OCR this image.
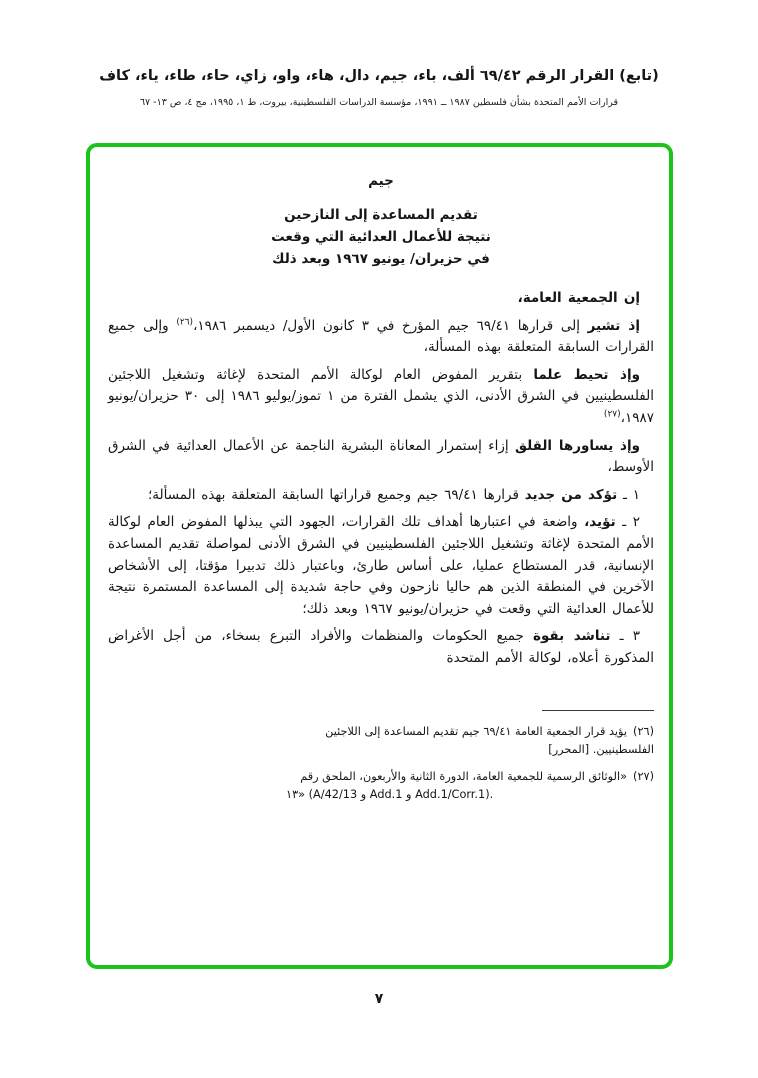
(تابع) القرار الرقم ٦٩/٤٢ ألف، باء، جيم، دال، هاء، واو، زاي، حاء، طاء، ياء، كاف
قرارات الأمم المتحدة بشأن فلسطين ١٩٨٧ ــ ١٩٩١، مؤسسة الدراسات الفلسطينية، بيروت، ط ١، ١٩٩٥، مج ٤، ص ١٣- ٦٧
جيم
تقديم المساعدة إلى النازحين
نتيجة للأعمال العدائية التي وقعت
في حزيران/ يونيو ١٩٦٧ وبعد ذلك

إن الجمعية العامة،

إذ تشير إلى قرارها ٦٩/٤١ جيم المؤرخ في ٣ كانون الأول/ ديسمبر ١٩٨٦،$^{(٢٦)}$ وإلى جميع القرارات السابقة المتعلقة بهذه المسألة،

وإذ تحيط علما بتقرير المفوض العام لوكالة الأمم المتحدة لإغاثة وتشغيل اللاجئين الفلسطينيين في الشرق الأدنى، الذي يشمل الفترة من ١ تموز/يوليو ١٩٨٦ إلى ٣٠ حزيران/يونيو ١٩٨٧،$^{(٢٧)}$

وإذ يساورها القلق إزاء إستمرار المعاناة البشرية الناجمة عن الأعمال العدائية في الشرق الأوسط،

١ ـ تؤكد من جديد قرارها ٦٩/٤١ جيم وجميع قراراتها السابقة المتعلقة بهذه المسألة؛

٢ ـ تؤيد، واضعة في اعتبارها أهداف تلك القرارات، الجهود التي يبذلها المفوض العام لوكالة الأمم المتحدة لإغاثة وتشغيل اللاجئين الفلسطينيين في الشرق الأدنى لمواصلة تقديم المساعدة الإنسانية، قدر المستطاع عمليا، على أساس طارئ، وباعتبار ذلك تدبيرا مؤقتا، إلى الأشخاص الآخرين في المنطقة الذين هم حاليا نازحون وفي حاجة شديدة إلى المساعدة المستمرة نتيجة للأعمال العدائية التي وقعت في حزيران/يونيو ١٩٦٧ وبعد ذلك؛

٣ ـ تناشد بقوة جميع الحكومات والمنظمات والأفراد التبرع بسخاء، من أجل الأغراض المذكورة أعلاه، لوكالة الأمم المتحدة

(٢٦)يؤيد قرار الجمعية العامة ٦٩/٤١ جيم تقديم المساعدة إلى اللاجئين
الفلسطينيين. [المحرر]
(٢٧)«الوثائق الرسمية للجمعية العامة، الدورة الثانية والأربعون، الملحق رقم
١٣» (A/42/13 و Add.1 و Add.1/Corr.1).
٧
